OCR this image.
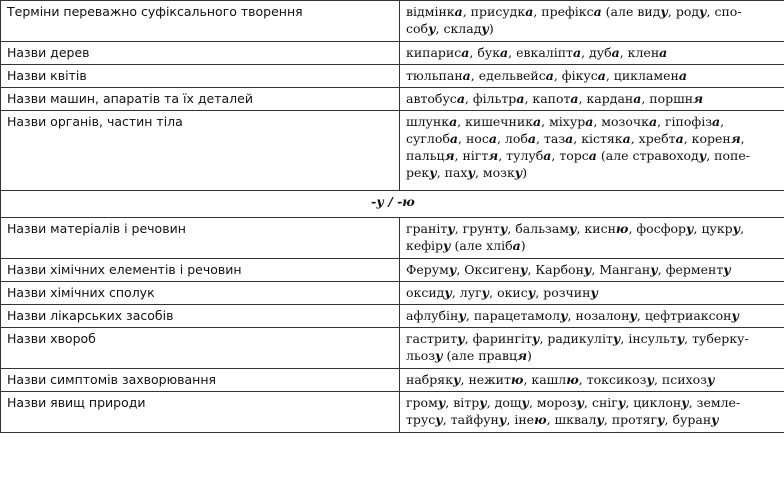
Терміни переважно суфіксального творення	відмінка, присудка, префікса (але виду, роду, спо-
собу, складу)
Назви дерев	кипариса, бука, евкаліпта, дуба, клена
Назви квітів	тюльпана, едельвейса, фікуса, цикламена
Назви машин, апаратів та їх деталей	автобуса, фільтра, капота, кардана, поршня
Назви органів, частин тіла	шлунка, кишечника, міхура, мозочка, гіпофіза,
суглоба, носа, лоба, таза, кістяка, хребта, кореня,
пальця, нігтя, тулуба, торса (але стравоходу, попе-
реку, паху, мозку)
-у / -ю	
Назви матеріалів і речовин	граніту, грунту, бальзаму, кисню, фосфору, цукру,
кефіру (але хліба)
Назви хімічних елементів і речовин	Феруму, Оксигену, Карбону, Мангану, ферменту
Назви хімічних сполук	оксиду, лугу, окису, розчину
Назви лікарських засобів	афлубіну, парацетамолу, нозалону, цефтриаксону
Назви хвороб	гастриту, фарингіту, радикуліту, інсульту, туберку-
льозу (але правця)
Назви симптомів захворювання	набряку, нежитю, кашлю, токсикозу, психозу
Назви явищ природи	грому, вітру, дощу, морозу, снігу, циклону, земле-
трусу, тайфуну, інею, шквалу, протягу, бурану
